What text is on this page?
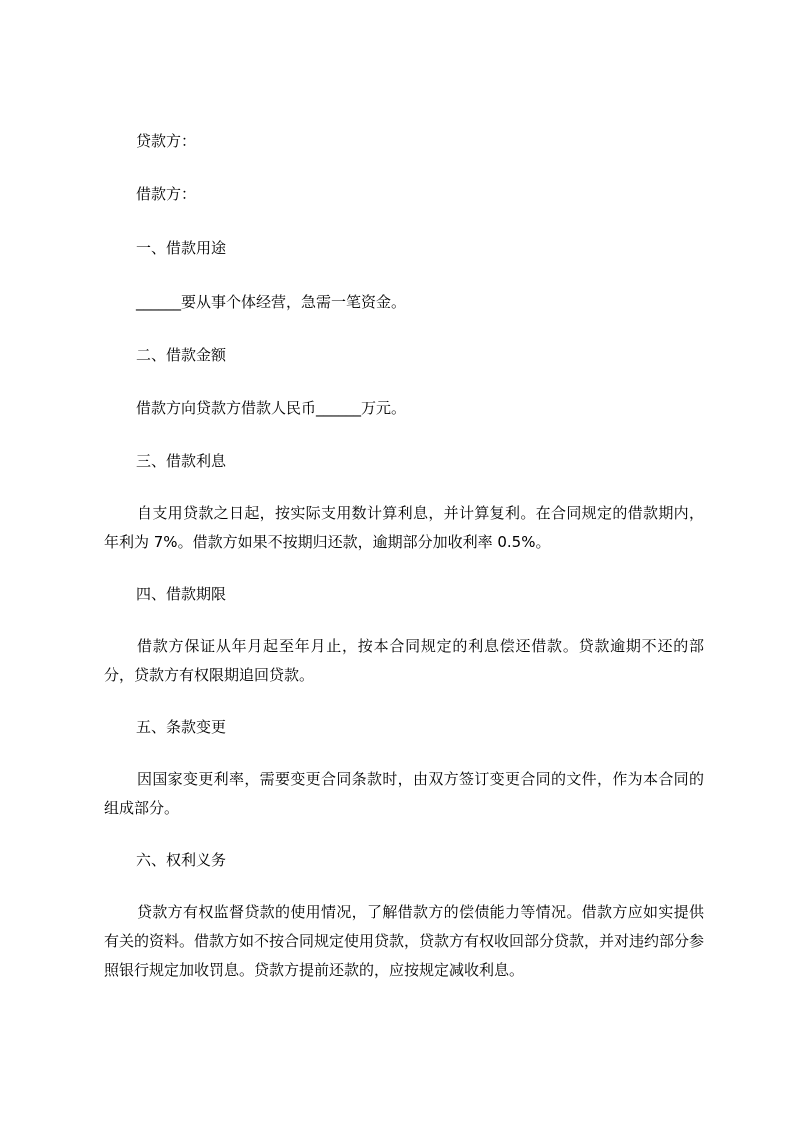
贷款方：
借款方：
一、借款用途
______要从事个体经营，急需一笔资金。
二、借款金额
借款方向贷款方借款人民币______万元。
三、借款利息
自支用贷款之日起，按实际支用数计算利息，并计算复利。在合同规定的借款期内，年利为 7%。借款方如果不按期归还款，逾期部分加收利率 0.5%。
四、借款期限
借款方保证从年月起至年月止，按本合同规定的利息偿还借款。贷款逾期不还的部分，贷款方有权限期追回贷款。
五、条款变更
因国家变更利率，需要变更合同条款时，由双方签订变更合同的文件，作为本合同的组成部分。
六、权利义务
贷款方有权监督贷款的使用情况，了解借款方的偿债能力等情况。借款方应如实提供有关的资料。借款方如不按合同规定使用贷款，贷款方有权收回部分贷款，并对违约部分参照银行规定加收罚息。贷款方提前还款的，应按规定减收利息。
